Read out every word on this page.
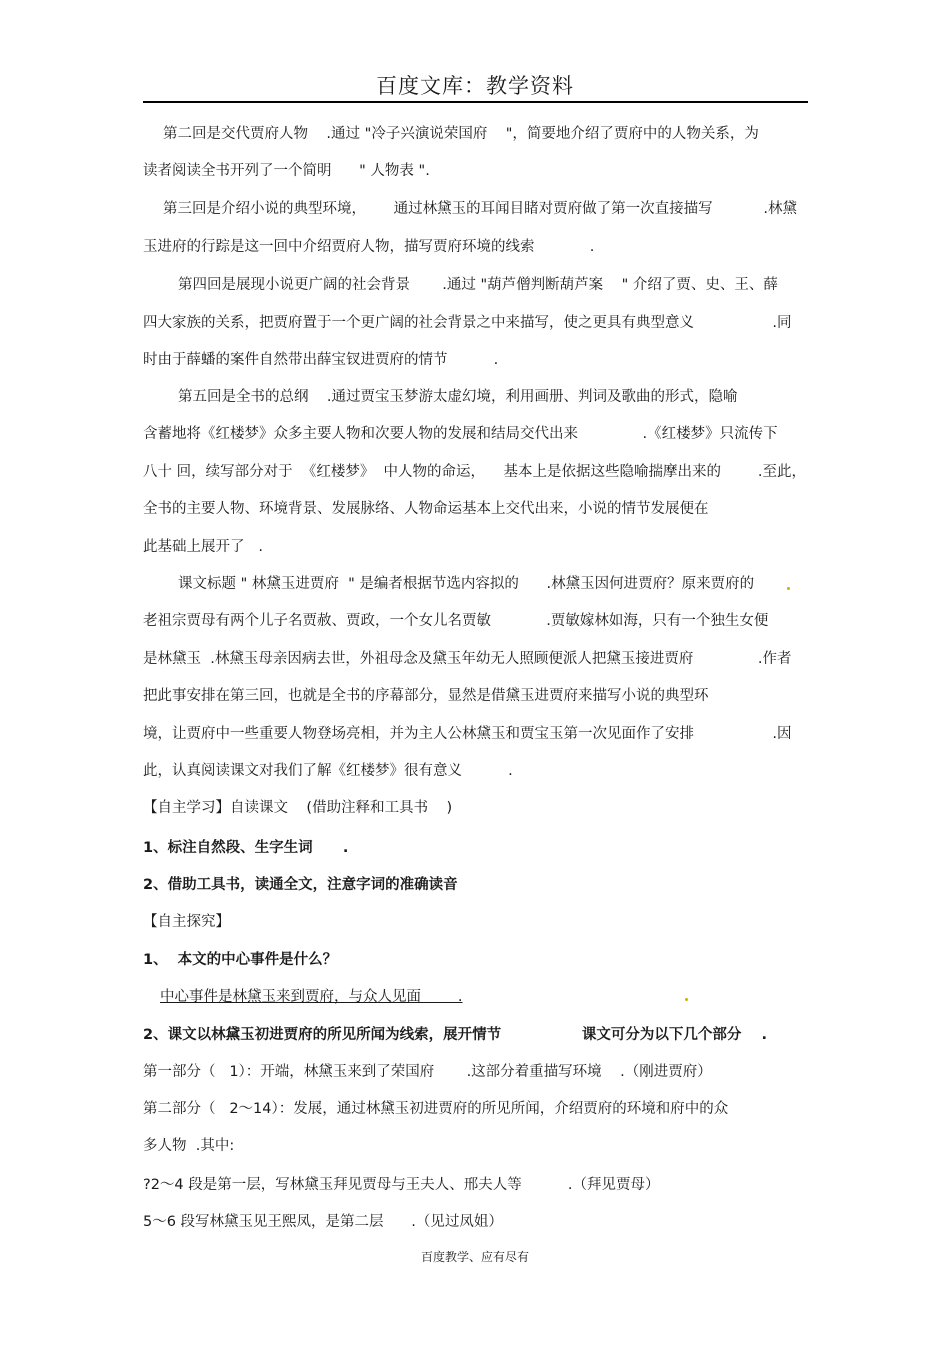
百度文库：教学资料
第二回是交代贾府人物    .通过 "冷子兴演说荣国府    "，简要地介绍了贾府中的人物关系，为
读者阅读全书开列了一个简明      " 人物表 ".
第三回是介绍小说的典型环境，      通过林黛玉的耳闻目睹对贾府做了第一次直接描写           .林黛
玉进府的行踪是这一回中介绍贾府人物，描写贾府环境的线索            .
第四回是展现小说更广阔的社会背景       .通过 "葫芦僧判断葫芦案    " 介绍了贾、史、王、薛
四大家族的关系，把贾府置于一个更广阔的社会背景之中来描写，使之更具有典型意义                 .同
时由于薛蟠的案件自然带出薛宝钗进贾府的情节          .
第五回是全书的总纲    .通过贾宝玉梦游太虚幻境，利用画册、判词及歌曲的形式，隐喻
含蓄地将《红楼梦》众多主要人物和次要人物的发展和结局交代出来              .《红楼梦》只流传下
八十 回，续写部分对于  《红楼梦》  中人物的命运，    基本上是依据这些隐喻揣摩出来的        .至此，
全书的主要人物、环境背景、发展脉络、人物命运基本上交代出来，小说的情节发展便在
此基础上展开了   .
课文标题 " 林黛玉进贾府  " 是编者根据节选内容拟的      .林黛玉因何进贾府？原来贾府的
老祖宗贾母有两个儿子名贾赦、贾政，一个女儿名贾敏            .贾敏嫁林如海，只有一个独生女便
是林黛玉  .林黛玉母亲因病去世，外祖母念及黛玉年幼无人照顾便派人把黛玉接进贾府              .作者
把此事安排在第三回，也就是全书的序幕部分，显然是借黛玉进贾府来描写小说的典型环
境，让贾府中一些重要人物登场亮相，并为主人公林黛玉和贾宝玉第一次见面作了安排                 .因
此，认真阅读课文对我们了解《红楼梦》很有意义          .
【自主学习】自读课文    (借助注释和工具书    )
1、标注自然段、生字生词      .
2、借助工具书，读通全文，注意字词的准确读音
【自主探究】
1、  本文的中心事件是什么？
中心事件是林黛玉来到贾府，与众人见面        .
2、课文以林黛玉初进贾府的所见所闻为线索，展开情节                课文可分为以下几个部分    .
第一部分（   1）：开端，林黛玉来到了荣国府       .这部分着重描写环境    .（刚进贾府）
第二部分（   2～14）：发展，通过林黛玉初进贾府的所见所闻，介绍贾府的环境和府中的众
多人物  .其中:
?2～4 段是第一层，写林黛玉拜见贾母与王夫人、邢夫人等          .（拜见贾母）
5～6 段写林黛玉见王熙凤，是第二层      .（见过凤姐）
百度教学、应有尽有
